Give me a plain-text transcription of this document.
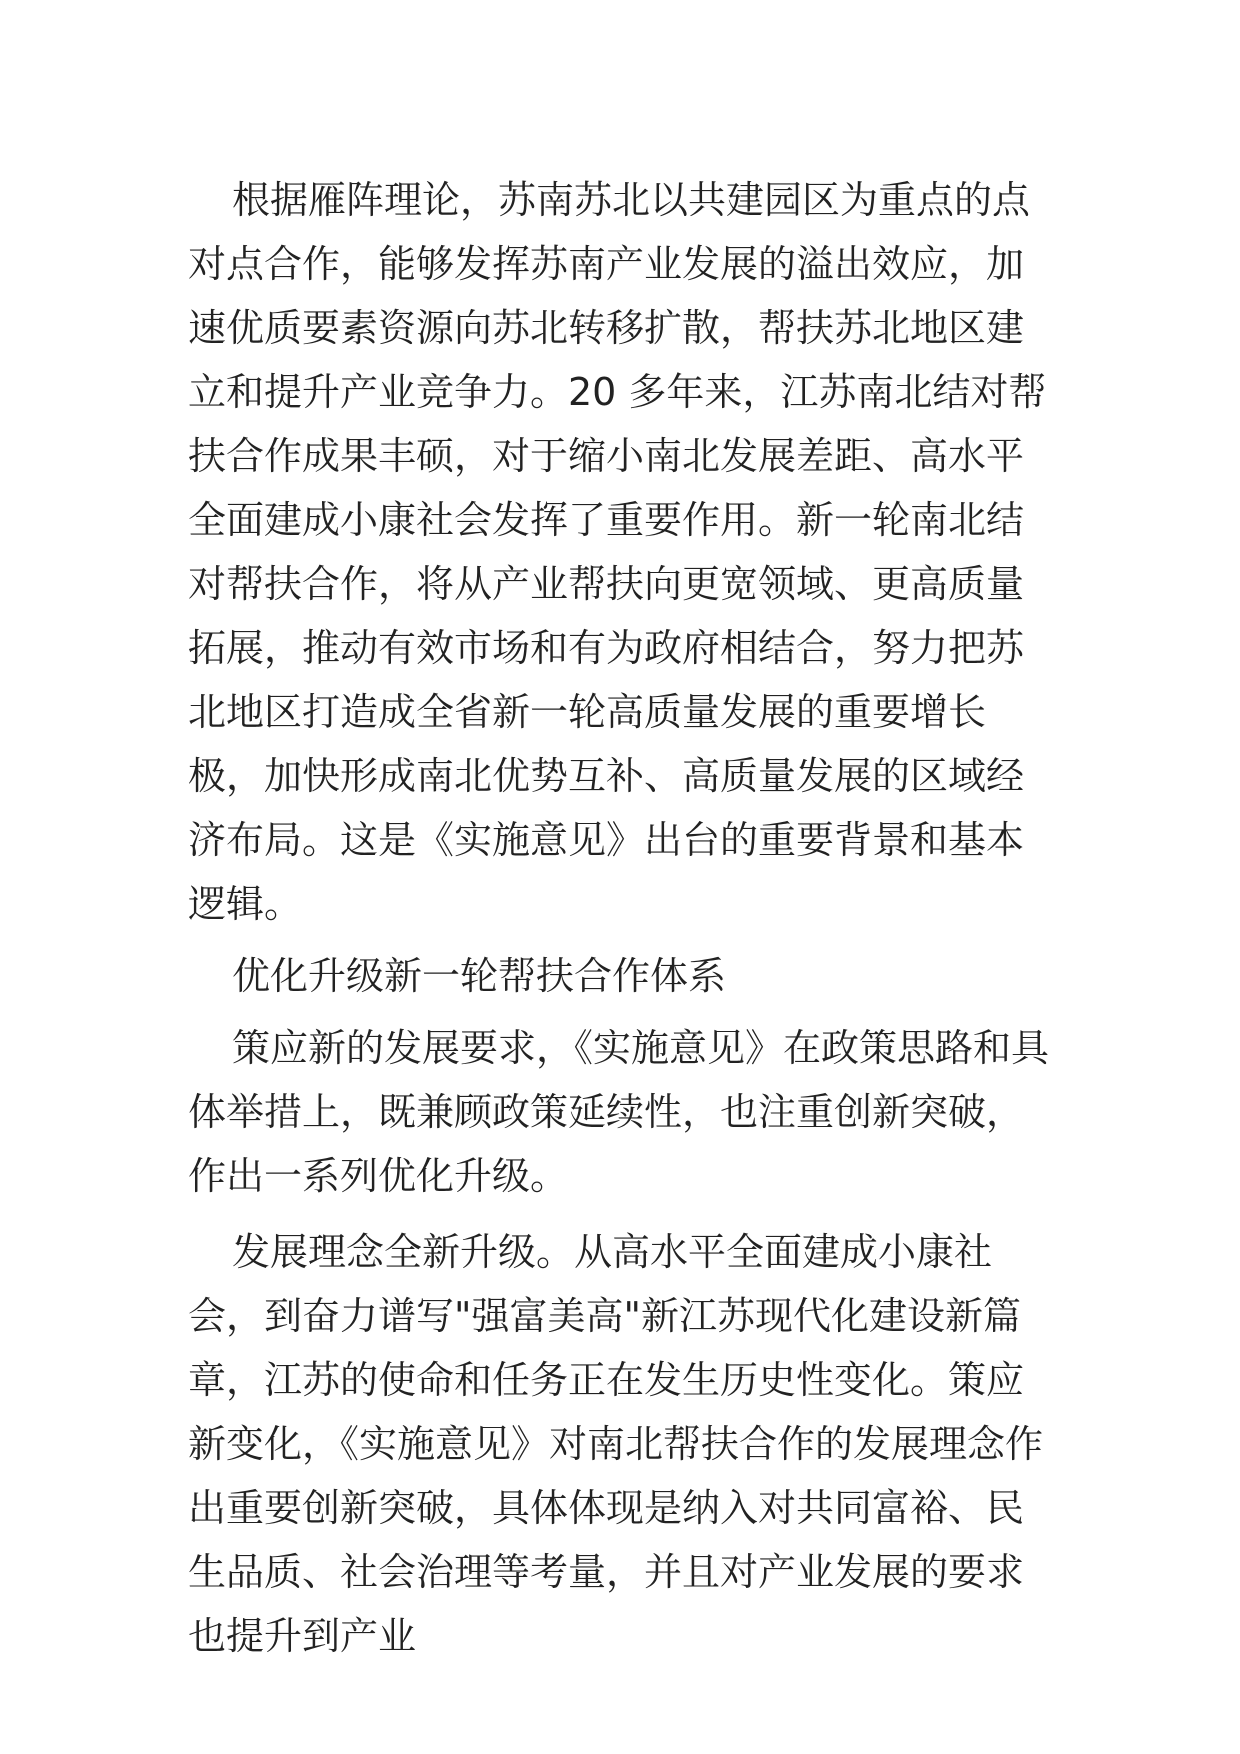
根据雁阵理论，苏南苏北以共建园区为重点的点对点合作，能够发挥苏南产业发展的溢出效应，加速优质要素资源向苏北转移扩散，帮扶苏北地区建立和提升产业竞争力。20 多年来，江苏南北结对帮扶合作成果丰硕，对于缩小南北发展差距、高水平全面建成小康社会发挥了重要作用。新一轮南北结对帮扶合作，将从产业帮扶向更宽领域、更高质量拓展，推动有效市场和有为政府相结合，努力把苏北地区打造成全省新一轮高质量发展的重要增长极，加快形成南北优势互补、高质量发展的区域经济布局。这是《实施意见》出台的重要背景和基本逻辑。

优化升级新一轮帮扶合作体系

策应新的发展要求，《实施意见》在政策思路和具体举措上，既兼顾政策延续性，也注重创新突破，作出一系列优化升级。

发展理念全新升级。从高水平全面建成小康社会，到奋力谱写"强富美高"新江苏现代化建设新篇章，江苏的使命和任务正在发生历史性变化。策应新变化，《实施意见》对南北帮扶合作的发展理念作出重要创新突破，具体体现是纳入对共同富裕、民生品质、社会治理等考量，并且对产业发展的要求也提升到产业
